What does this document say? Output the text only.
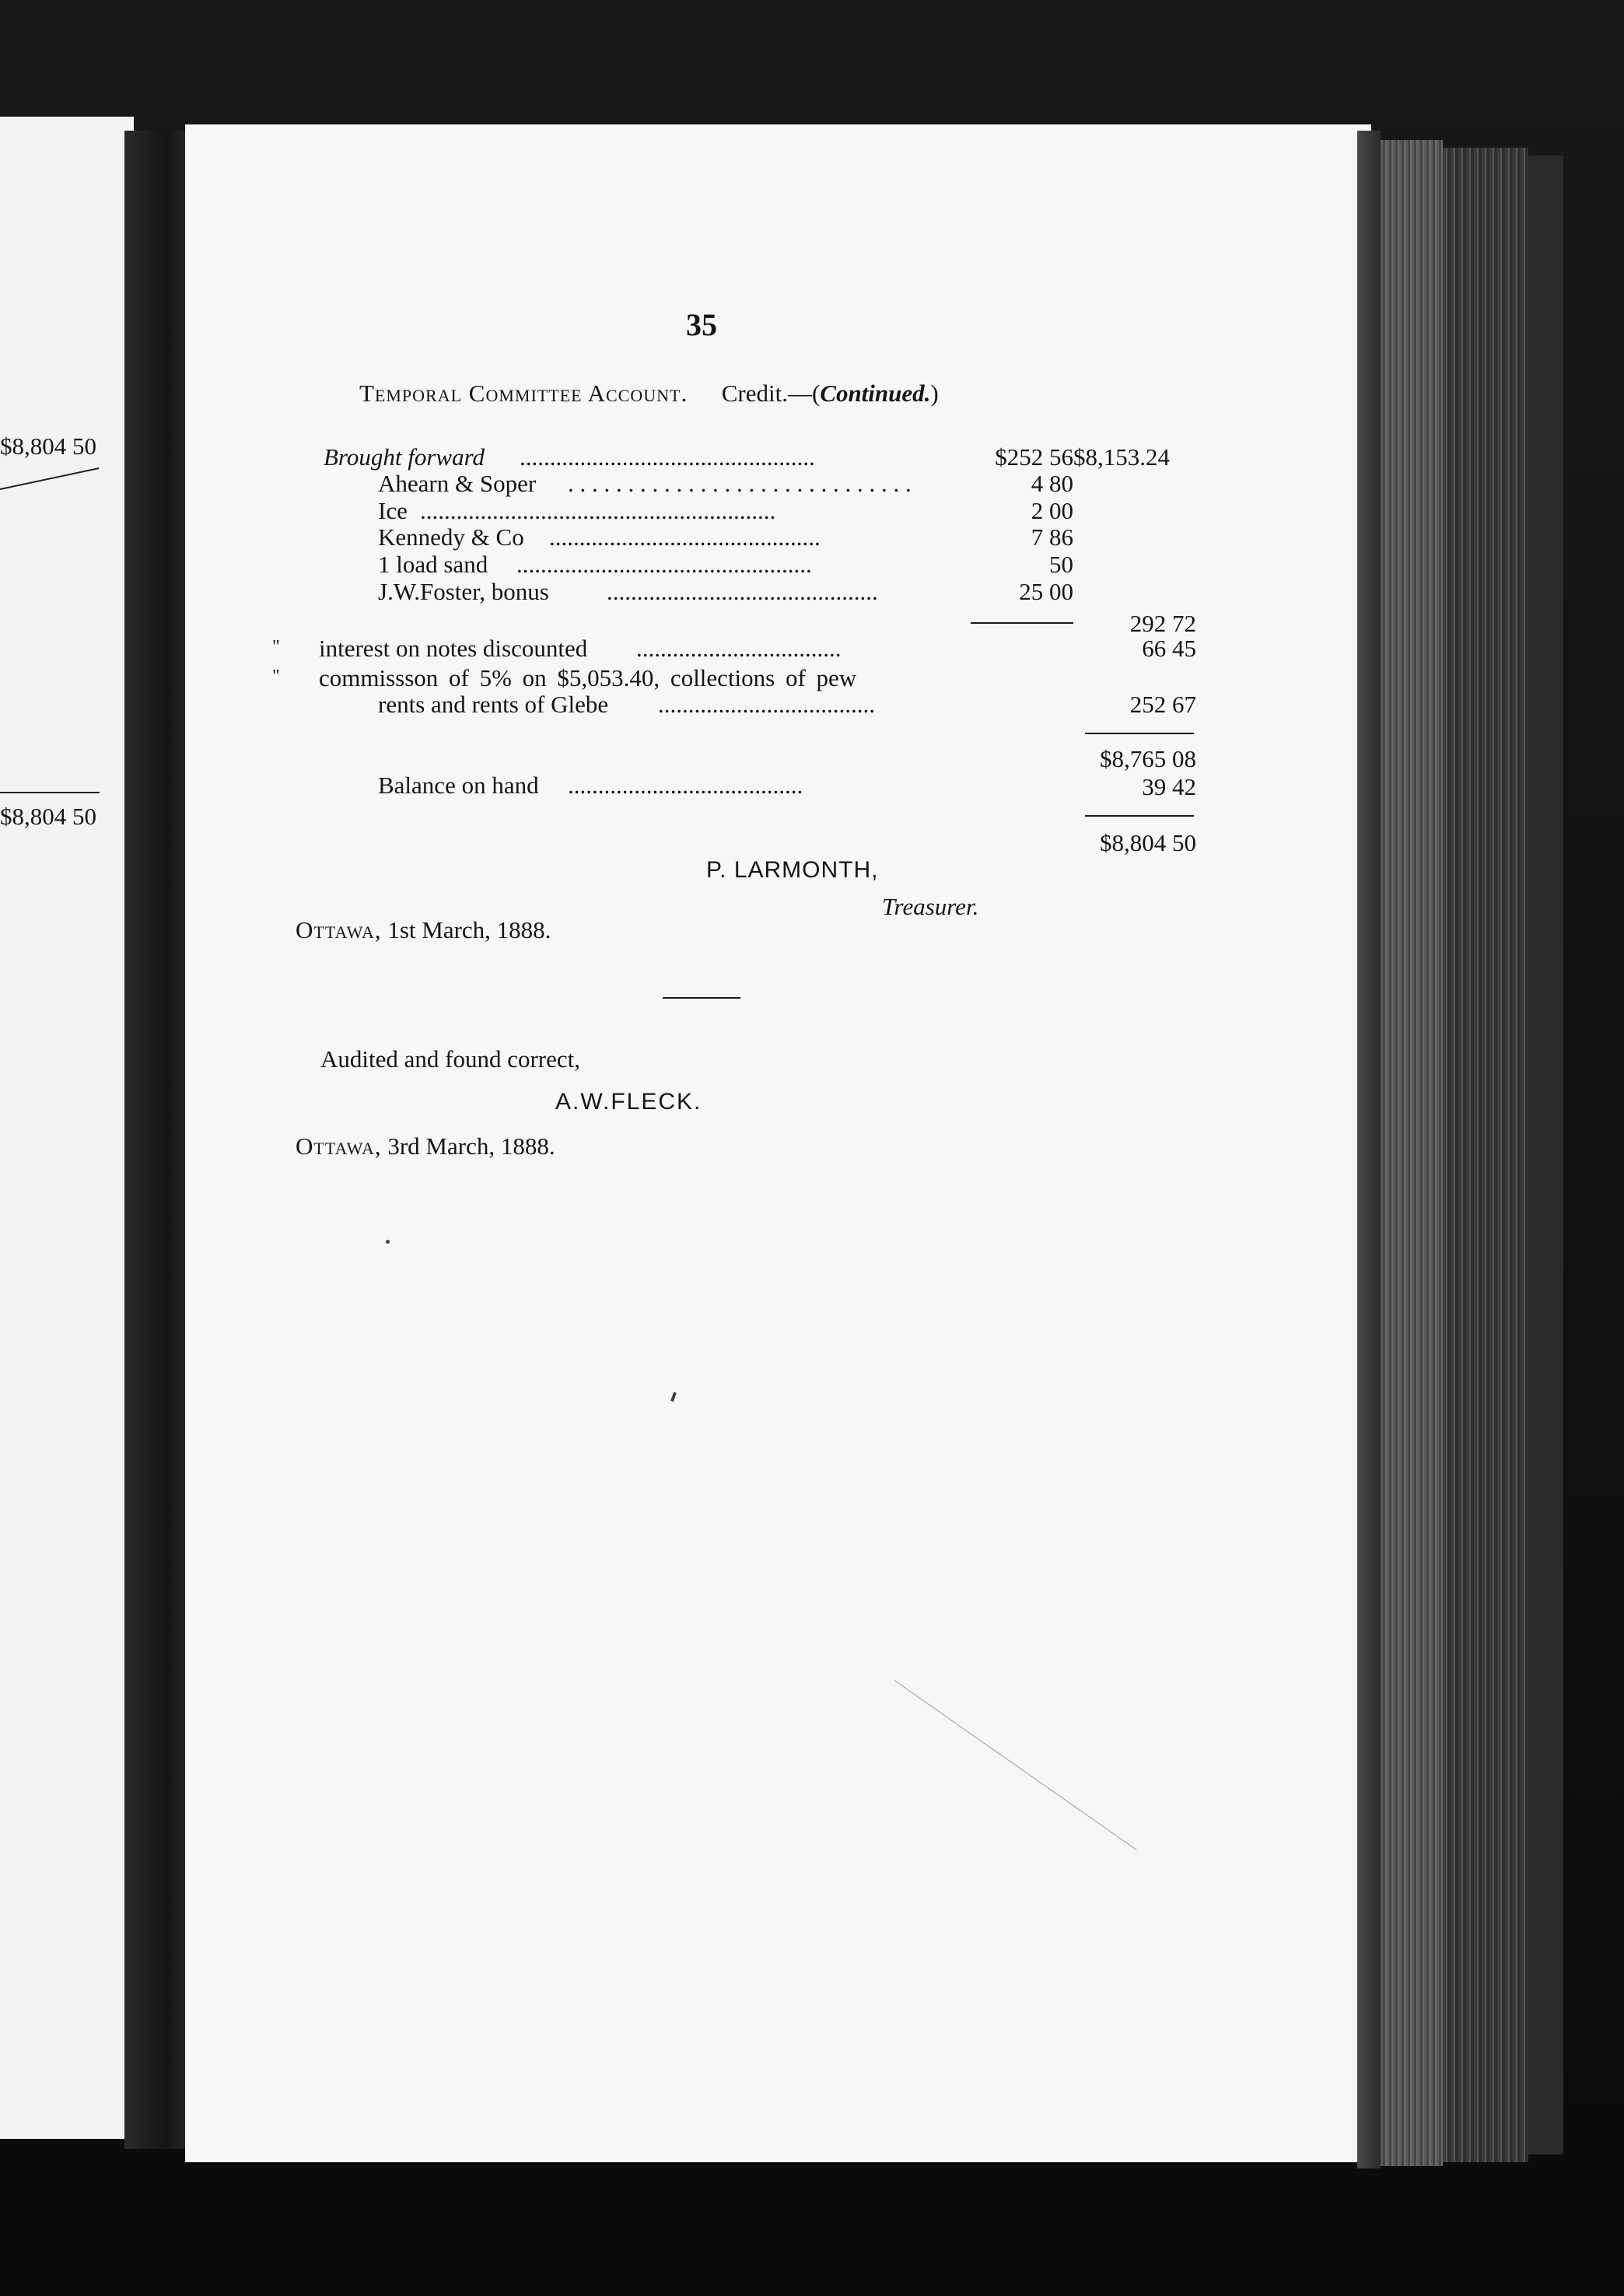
$8,804 50
$8,804 50
35
Temporal Committee Account. Credit.—(Continued.)
Brought forward .................................................	$252 56 $8,153.24
Ahearn & Soper . . . . . . . . . . . . . . . . . . . . . . . . . . . . .	4 80
Ice ...........................................................	2 00
Kennedy & Co .............................................	7 86
1 load sand .................................................	50
J.W.Foster, bonus .............................................	25 00
292 72
" interest on notes discounted ..................................	66 45
" commissson of 5% on $5,053.40, collections of pew
rents and rents of Glebe ....................................	252 67
$8,765 08
Balance on hand .......................................	39 42
$8,804 50
P. LARMONTH,
Treasurer.
Ottawa, 1st March, 1888.
Audited and found correct,
A.W.FLECK.
Ottawa, 3rd March, 1888.
